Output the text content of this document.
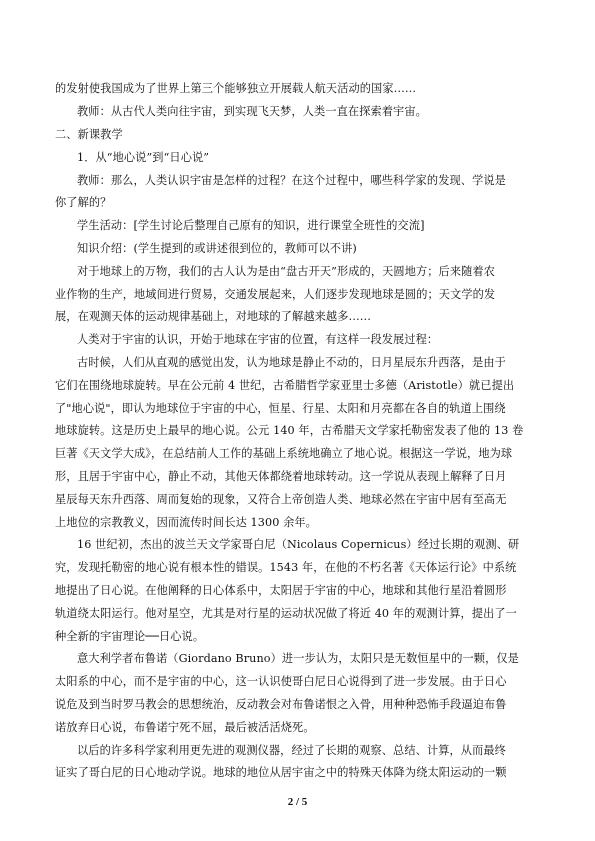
的发射使我国成为了世界上第三个能够独立开展载人航天活动的国家……
教师：从古代人类向往宇宙，到实现飞天梦，人类一直在探索着宇宙。
二、新课教学
1．从“地心说”到“日心说”
教师：那么，人类认识宇宙是怎样的过程？在这个过程中，哪些科学家的发现、学说是
你了解的？
学生活动：[学生讨论后整理自己原有的知识，进行课堂全班性的交流]
知识介绍：(学生提到的或讲述很到位的，教师可以不讲)
对于地球上的万物，我们的古人认为是由“盘古开天”形成的，天圆地方；后来随着农
业作物的生产，地域间进行贸易，交通发展起来，人们逐步发现地球是圆的；天文学的发
展，在观测天体的运动规律基础上，对地球的了解越来越多……
人类对于宇宙的认识，开始于地球在宇宙的位置，有这样一段发展过程：
古时候，人们从直观的感觉出发，认为地球是静止不动的，日月星辰东升西落，是由于
它们在围绕地球旋转。早在公元前 4 世纪，古希腊哲学家亚里士多德（Aristotle）就已提出
了"地心说"，即认为地球位于宇宙的中心，恒星、行星、太阳和月亮都在各自的轨道上围绕
地球旋转。这是历史上最早的地心说。公元 140 年，古希腊天文学家托勒密发表了他的 13 卷
巨著《天文学大成》，在总结前人工作的基础上系统地确立了地心说。根据这一学说，地为球
形，且居于宇宙中心，静止不动，其他天体都绕着地球转动。这一学说从表现上解释了日月
星辰每天东升西落、周而复始的现象，又符合上帝创造人类、地球必然在宇宙中居有至高无
上地位的宗教教义，因而流传时间长达 1300 余年。
16 世纪初，杰出的波兰天文学家哥白尼（Nicolaus Copernicus）经过长期的观测、研
究，发现托勒密的地心说有根本性的错误。1543 年，在他的不朽名著《天体运行论》中系统
地提出了日心说。在他阐释的日心体系中，太阳居于宇宙的中心，地球和其他行星沿着圆形
轨道绕太阳运行。他对星空，尤其是对行星的运动状况做了将近 40 年的观测计算，提出了一
种全新的宇宙理论──日心说。
意大利学者布鲁诺（Giordano Bruno）进一步认为，太阳只是无数恒星中的一颗，仅是
太阳系的中心，而不是宇宙的中心，这一认识使哥白尼日心说得到了进一步发展。由于日心
说危及到当时罗马教会的思想统治，反动教会对布鲁诺恨之入骨，用种种恐怖手段逼迫布鲁
诺放弃日心说，布鲁诺宁死不屈，最后被活活烧死。
以后的许多科学家利用更先进的观测仪器，经过了长期的观察、总结、计算，从而最终
证实了哥白尼的日心地动学说。地球的地位从居宇宙之中的特殊天体降为绕太阳运动的一颗
2 / 5
